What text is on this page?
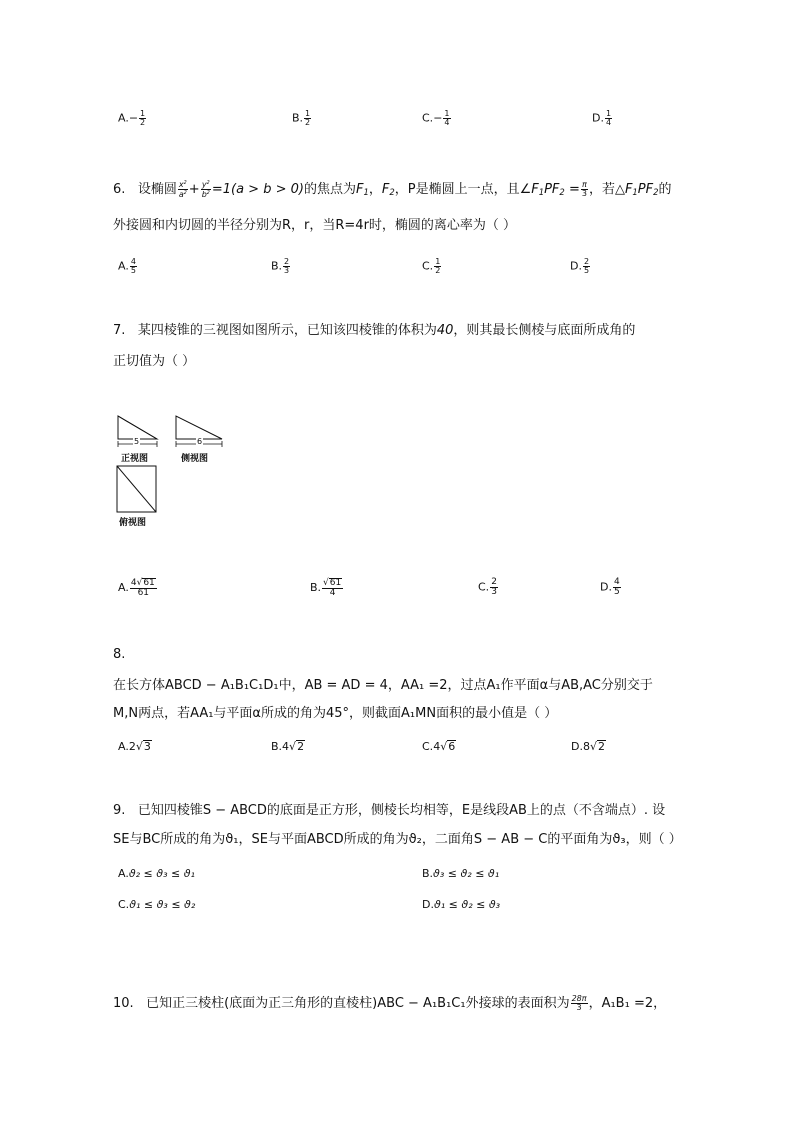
$A.- \frac{1}{2}$	B. $\frac{1}{2}$	$C.- \frac{1}{4}$	D. $\frac{1}{4}$
6. 设椭圆 $\frac{x^2}{a^2} + \frac{y^2}{b^2} =1(a > b > 0)$的焦点为$F_1$，$F_2$，P是椭圆上一点，且$\angle F_1PF_2 = \frac{\pi}{3}$ ，若$\triangle F_1PF_2$的
外接圆和内切圆的半径分别为R，r，当R=4r时，椭圆的离心率为（ ）
A. $\frac{4}{5}$	B. $\frac{2}{3}$	C. $\frac{1}{2}$	D. $\frac{2}{5}$
7. 某四棱锥的三视图如图所示，已知该四棱锥的体积为40，则其最长侧棱与底面所成角的
正切值为（ ）
5	6
正视图	侧视图
俯视图
A. $\frac{4√61}{61}$	B. $\frac{√61}{4}$	C. $\frac{2}{3}$	D. $\frac{4}{5}$
8.
在长方体ABCD − A₁B₁C₁D₁中，AB = AD = 4，AA₁ =2，过点A₁作平面α与AB,AC分别交于
M,N两点，若AA₁与平面α所成的角为45°，则截面A₁MN面积的最小值是（ ）
A.2√3	B.4√2	C.4√6	D.8√2
9. 已知四棱锥S − ABCD的底面是正方形，侧棱长均相等，E是线段AB上的点（不含端点）. 设
SE与BC所成的角为ϑ₁，SE与平面ABCD所成的角为ϑ₂，二面角S − AB − C的平面角为ϑ₃，则（ ）
A.ϑ₂ ≤ ϑ₃ ≤ ϑ₁	B.ϑ₃ ≤ ϑ₂ ≤ ϑ₁
C.ϑ₁ ≤ ϑ₃ ≤ ϑ₂	D.ϑ₁ ≤ ϑ₂ ≤ ϑ₃
10. 已知正三棱柱(底面为正三角形的直棱柱)ABC − A₁B₁C₁外接球的表面积为 $\frac{28\pi}{3}$ ，A₁B₁ =2，
